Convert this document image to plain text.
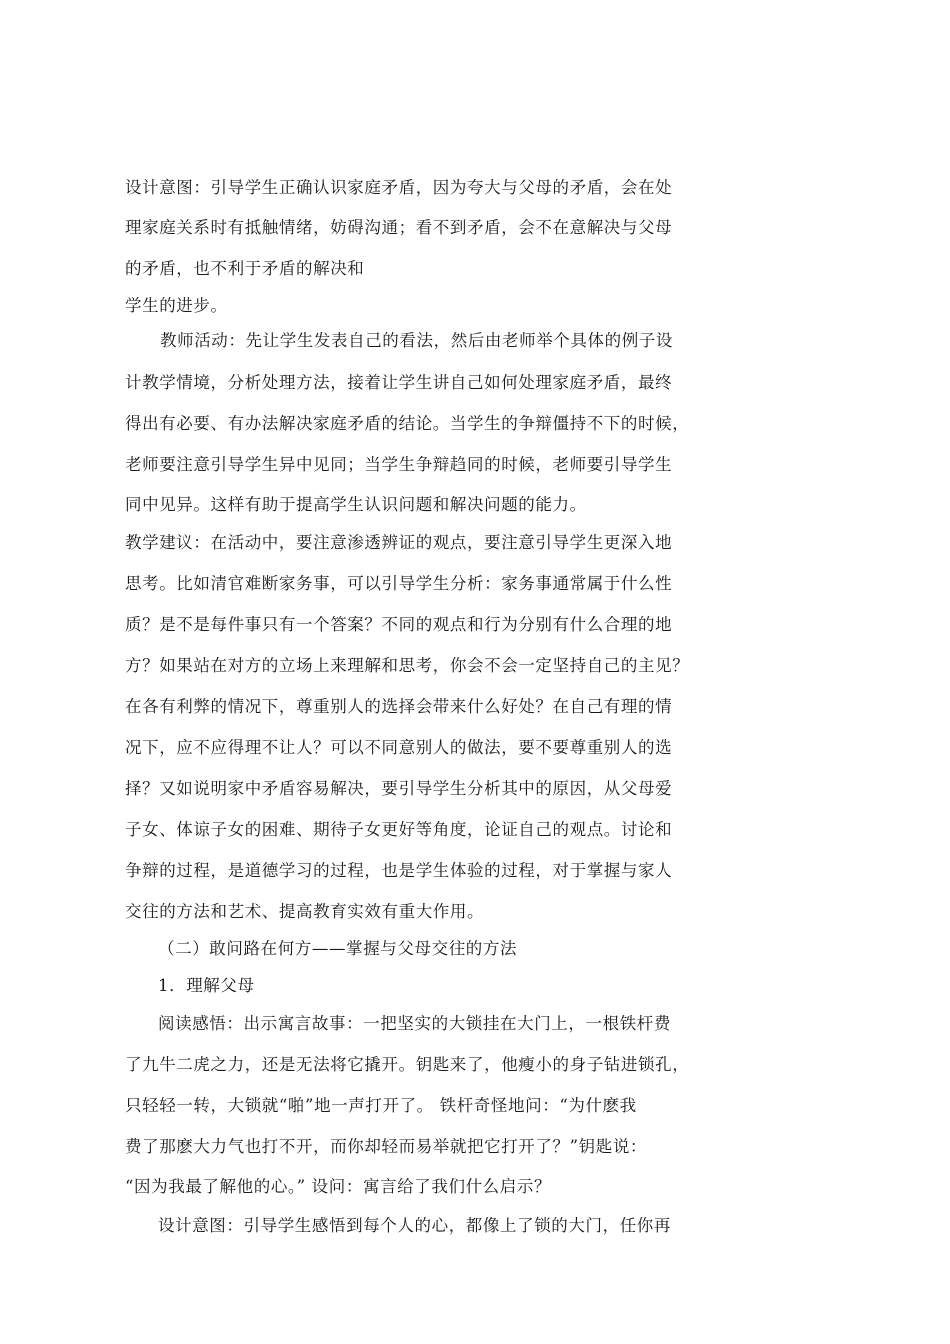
设计意图：引导学生正确认识家庭矛盾，因为夸大与父母的矛盾，会在处
理家庭关系时有抵触情绪，妨碍沟通；看不到矛盾，会不在意解决与父母
的矛盾，也不利于矛盾的解决和
学生的进步。
教师活动：先让学生发表自己的看法，然后由老师举个具体的例子设
计教学情境，分析处理方法，接着让学生讲自己如何处理家庭矛盾，最终
得出有必要、有办法解决家庭矛盾的结论。当学生的争辩僵持不下的时候，
老师要注意引导学生异中见同；当学生争辩趋同的时候，老师要引导学生
同中见异。这样有助于提高学生认识问题和解决问题的能力。
教学建议：在活动中，要注意渗透辨证的观点，要注意引导学生更深入地
思考。比如清官难断家务事，可以引导学生分析：家务事通常属于什么性
质？是不是每件事只有一个答案？不同的观点和行为分别有什么合理的地
方？如果站在对方的立场上来理解和思考，你会不会一定坚持自己的主见？
在各有利弊的情况下，尊重别人的选择会带来什么好处？在自己有理的情
况下，应不应得理不让人？可以不同意别人的做法，要不要尊重别人的选
择？又如说明家中矛盾容易解决，要引导学生分析其中的原因，从父母爱
子女、体谅子女的困难、期待子女更好等角度，论证自己的观点。讨论和
争辩的过程，是道德学习的过程，也是学生体验的过程，对于掌握与家人
交往的方法和艺术、提高教育实效有重大作用。
（二）敢问路在何方——掌握与父母交往的方法
1．理解父母
阅读感悟：出示寓言故事：一把坚实的大锁挂在大门上，一根铁杆费
了九牛二虎之力，还是无法将它撬开。钥匙来了，他瘦小的身子钻进锁孔，
只轻轻一转，大锁就“啪”地一声打开了。 铁杆奇怪地问：“为什麽我
费了那麽大力气也打不开，而你却轻而易举就把它打开了？”钥匙说：
“因为我最了解他的心。” 设问：寓言给了我们什么启示？
设计意图：引导学生感悟到每个人的心，都像上了锁的大门，任你再
